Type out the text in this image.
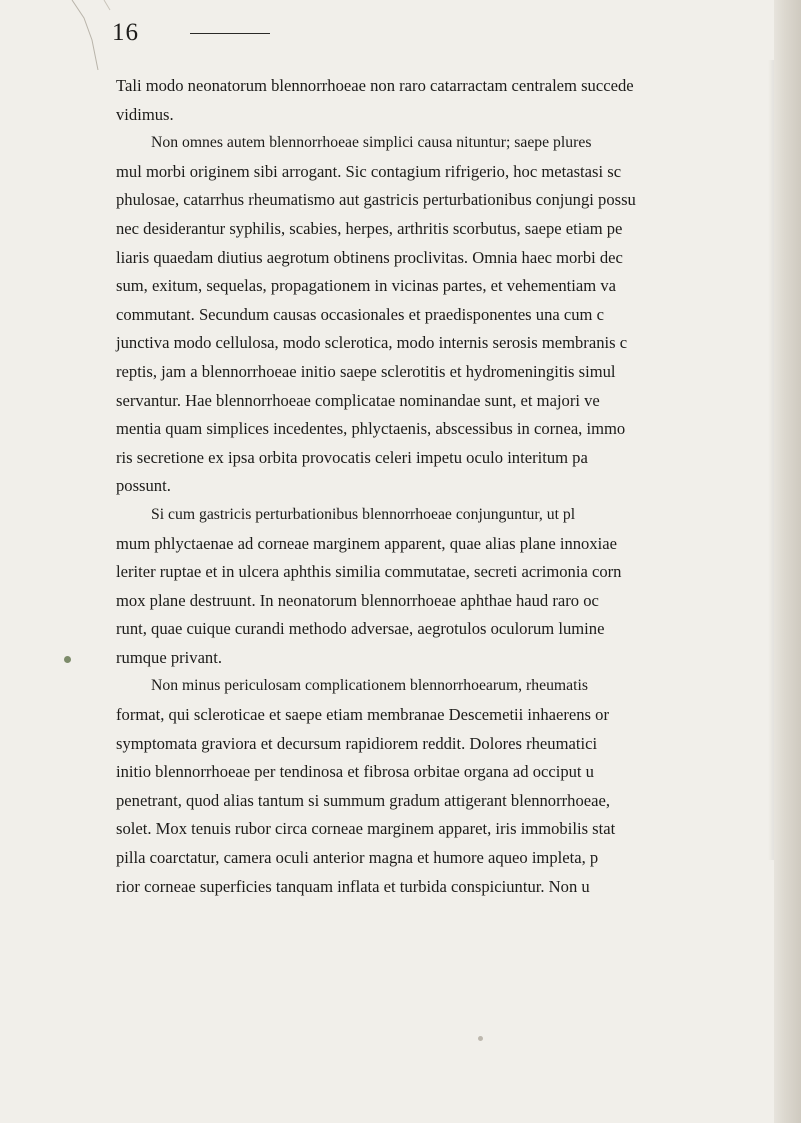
16
Tali modo neonatorum blennorrhoeae non raro catarractam centralem succede
vidimus.
Non omnes autem blennorrhoeae simplici causa nituntur; saepe plures
mul morbi originem sibi arrogant. Sic contagium rifrigerio, hoc metastasi sc
phulosae, catarrhus rheumatismo aut gastricis perturbationibus conjungi possu
nec desiderantur syphilis, scabies, herpes, arthritis scorbutus, saepe etiam pe
liaris quaedam diutius aegrotum obtinens proclivitas. Omnia haec morbi dec
sum, exitum, sequelas, propagationem in vicinas partes, et vehementiam va
commutant. Secundum causas occasionales et praedisponentes una cum c
junctiva modo cellulosa, modo sclerotica, modo internis serosis membranis c
reptis, jam a blennorrhoeae initio saepe sclerotitis et hydromeningitis simul
servantur. Hae blennorrhoeae complicatae nominandae sunt, et majori ve
mentia quam simplices incedentes, phlyctaenis, abscessibus in cornea, immo
ris secretione ex ipsa orbita provocatis celeri impetu oculo interitum pa
possunt.
Si cum gastricis perturbationibus blennorrhoeae conjunguntur, ut pl
mum phlyctaenae ad corneae marginem apparent, quae alias plane innoxiae
leriter ruptae et in ulcera aphthis similia commutatae, secreti acrimonia corn
mox plane destruunt. In neonatorum blennorrhoeae aphthae haud raro oc
runt, quae cuique curandi methodo adversae, aegrotulos oculorum lumine
rumque privant.
Non minus periculosam complicationem blennorrhoearum, rheumatis
format, qui scleroticae et saepe etiam membranae Descemetii inhaerens or
symptomata graviora et decursum rapidiorem reddit. Dolores rheumatici
initio blennorrhoeae per tendinosa et fibrosa orbitae organa ad occiput u
penetrant, quod alias tantum si summum gradum attigerant blennorrhoeae,
solet. Mox tenuis rubor circa corneae marginem apparet, iris immobilis stat
pilla coarctatur, camera oculi anterior magna et humore aqueo impleta, p
rior corneae superficies tanquam inflata et turbida conspiciuntur. Non u
